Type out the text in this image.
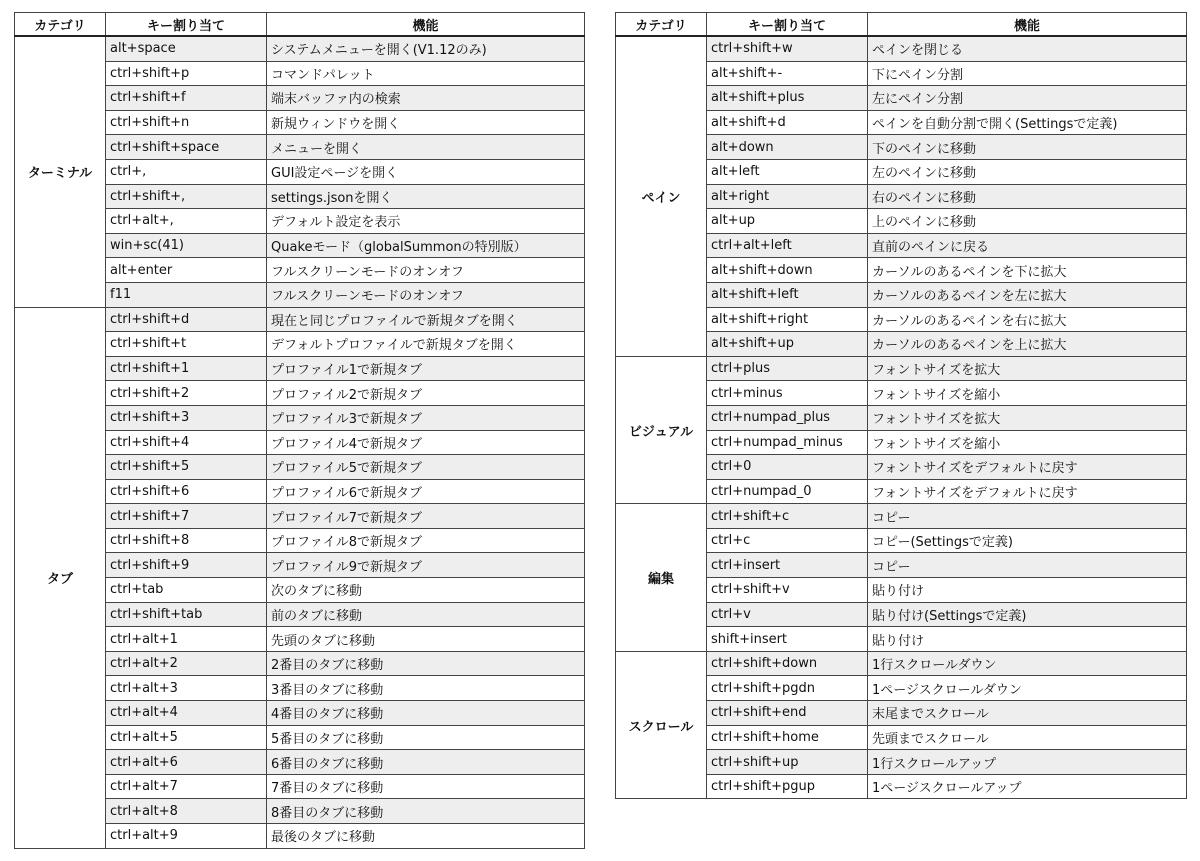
カテゴリ	キー割り当て	機能
ターミナル	alt+space	システムメニューを開く(V1.12のみ)
	ctrl+shift+p	コマンドパレット
	ctrl+shift+f	端末バッファ内の検索
	ctrl+shift+n	新規ウィンドウを開く
	ctrl+shift+space	メニューを開く
	ctrl+,	GUI設定ページを開く
	ctrl+shift+,	settings.jsonを開く
	ctrl+alt+,	デフォルト設定を表示
	win+sc(41)	Quakeモード（globalSummonの特別版）
	alt+enter	フルスクリーンモードのオンオフ
	f11	フルスクリーンモードのオンオフ
タブ	ctrl+shift+d	現在と同じプロファイルで新規タブを開く
	ctrl+shift+t	デフォルトプロファイルで新規タブを開く
	ctrl+shift+1	プロファイル1で新規タブ
	ctrl+shift+2	プロファイル2で新規タブ
	ctrl+shift+3	プロファイル3で新規タブ
	ctrl+shift+4	プロファイル4で新規タブ
	ctrl+shift+5	プロファイル5で新規タブ
	ctrl+shift+6	プロファイル6で新規タブ
	ctrl+shift+7	プロファイル7で新規タブ
	ctrl+shift+8	プロファイル8で新規タブ
	ctrl+shift+9	プロファイル9で新規タブ
	ctrl+tab	次のタブに移動
	ctrl+shift+tab	前のタブに移動
	ctrl+alt+1	先頭のタブに移動
	ctrl+alt+2	2番目のタブに移動
	ctrl+alt+3	3番目のタブに移動
	ctrl+alt+4	4番目のタブに移動
	ctrl+alt+5	5番目のタブに移動
	ctrl+alt+6	6番目のタブに移動
	ctrl+alt+7	7番目のタブに移動
	ctrl+alt+8	8番目のタブに移動
	ctrl+alt+9	最後のタブに移動
カテゴリ	キー割り当て	機能
ペイン	ctrl+shift+w	ペインを閉じる
	alt+shift+-	下にペイン分割
	alt+shift+plus	左にペイン分割
	alt+shift+d	ペインを自動分割で開く(Settingsで定義)
	alt+down	下のペインに移動
	alt+left	左のペインに移動
	alt+right	右のペインに移動
	alt+up	上のペインに移動
	ctrl+alt+left	直前のペインに戻る
	alt+shift+down	カーソルのあるペインを下に拡大
	alt+shift+left	カーソルのあるペインを左に拡大
	alt+shift+right	カーソルのあるペインを右に拡大
	alt+shift+up	カーソルのあるペインを上に拡大
ビジュアル	ctrl+plus	フォントサイズを拡大
	ctrl+minus	フォントサイズを縮小
	ctrl+numpad_plus	フォントサイズを拡大
	ctrl+numpad_minus	フォントサイズを縮小
	ctrl+0	フォントサイズをデフォルトに戻す
	ctrl+numpad_0	フォントサイズをデフォルトに戻す
編集	ctrl+shift+c	コピー
	ctrl+c	コピー(Settingsで定義)
	ctrl+insert	コピー
	ctrl+shift+v	貼り付け
	ctrl+v	貼り付け(Settingsで定義)
	shift+insert	貼り付け
スクロール	ctrl+shift+down	1行スクロールダウン
	ctrl+shift+pgdn	1ページスクロールダウン
	ctrl+shift+end	末尾までスクロール
	ctrl+shift+home	先頭までスクロール
	ctrl+shift+up	1行スクロールアップ
	ctrl+shift+pgup	1ページスクロールアップ
